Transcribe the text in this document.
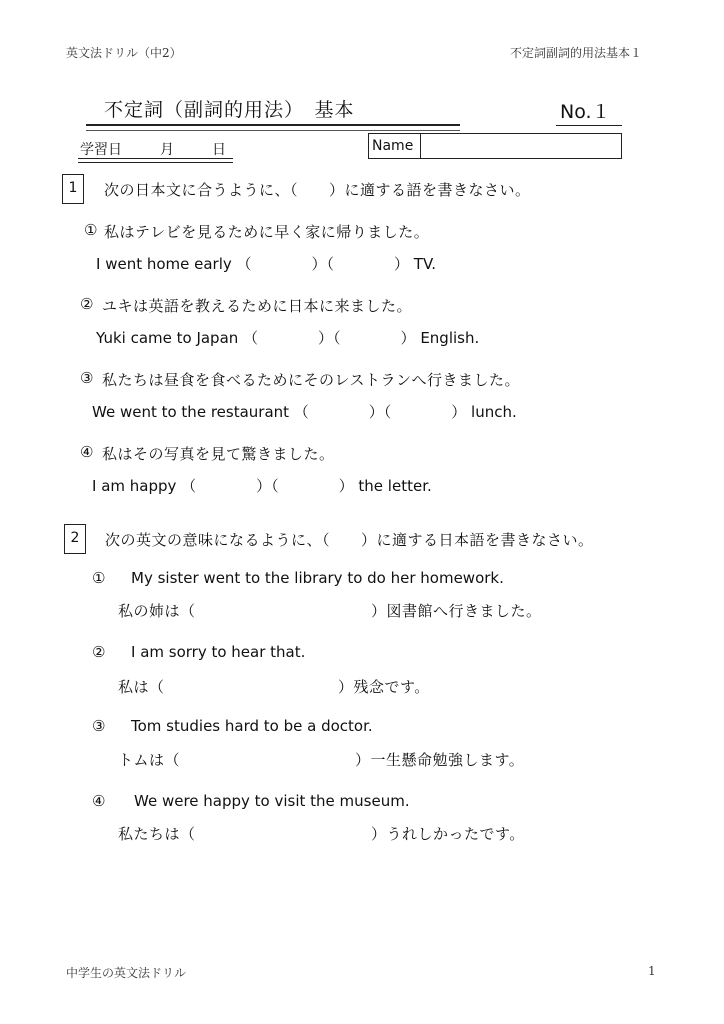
英文法ドリル（中2）	不定詞副詞的用法基本１
不定詞（副詞的用法）　基本	No.１
学習日	月	日	Name
1	次の日本文に合うように、（　　）に適する語を書きなさい。
① 私はテレビを見るために早く家に帰りました。
I went home early （　　　　）（　　　　） TV.
② ユキは英語を教えるために日本に来ました。
Yuki came to Japan （　　　　）（　　　　） English.
③ 私たちは昼食を食べるためにそのレストランへ行きました。
We went to the restaurant （　　　　）（　　　　） lunch.
④ 私はその写真を見て驚きました。
I am happy （　　　　）（　　　　） the letter.
2	次の英文の意味になるように、（　　）に適する日本語を書きなさい。
① My sister went to the library to do her homework.
私の姉は（	）図書館へ行きました。
② I am sorry to hear that.
私は（	）残念です。
③ Tom studies hard to be a doctor.
トムは（	）一生懸命勉強します。
④ We were happy to visit the museum.
私たちは（	）うれしかったです。
中学生の英文法ドリル	1
